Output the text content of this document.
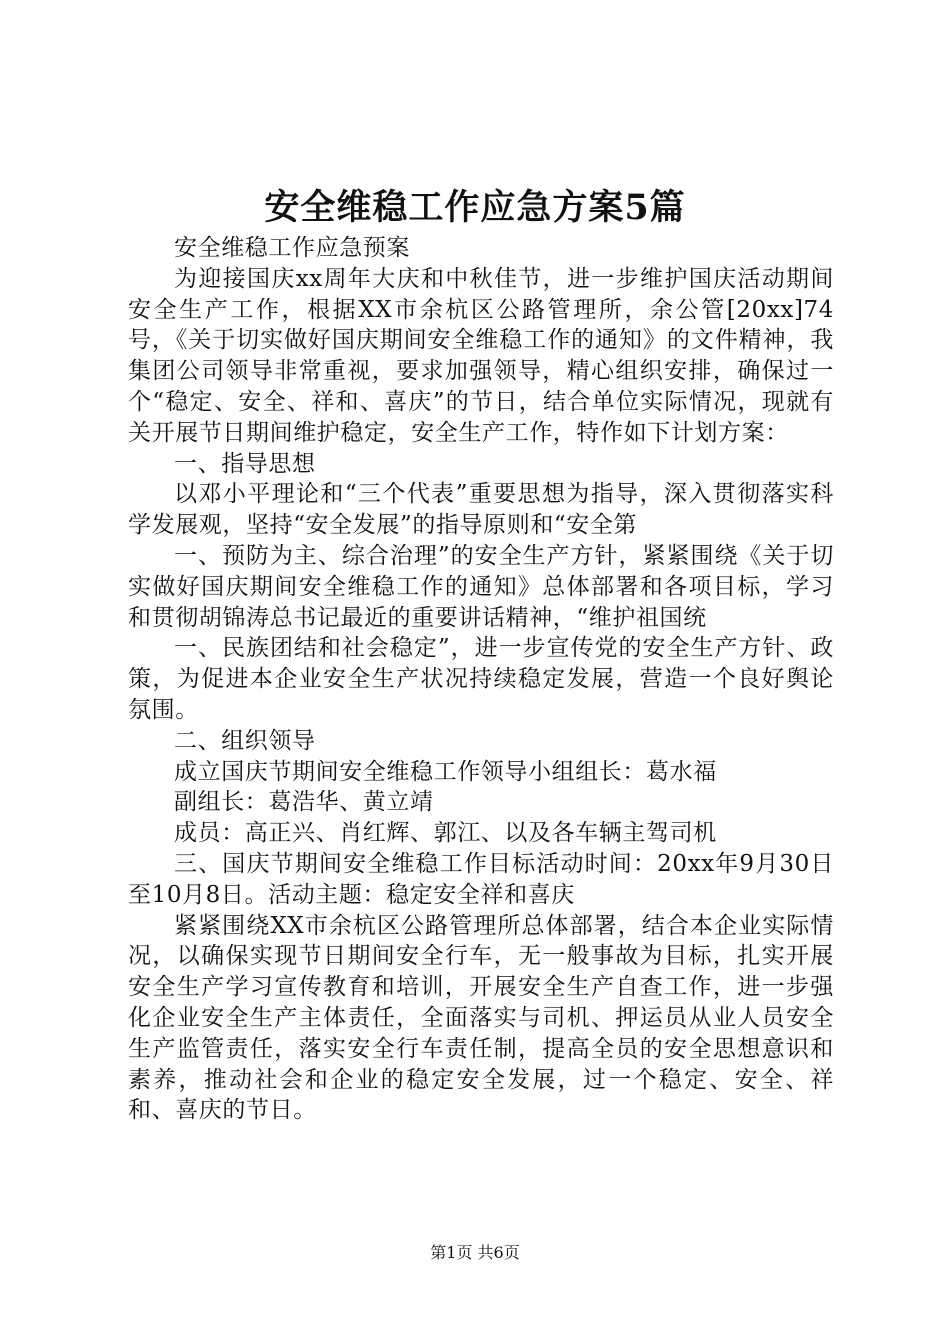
安全维稳工作应急方案5篇

安全维稳工作应急预案

为迎接国庆xx周年大庆和中秋佳节，进一步维护国庆活动期间安全生产工作，根据XX市余杭区公路管理所，余公管[20xx]74号，《关于切实做好国庆期间安全维稳工作的通知》的文件精神，我集团公司领导非常重视，要求加强领导，精心组织安排，确保过一个“稳定、安全、祥和、喜庆”的节日，结合单位实际情况，现就有关开展节日期间维护稳定，安全生产工作，特作如下计划方案：

一、指导思想

以邓小平理论和“三个代表”重要思想为指导，深入贯彻落实科学发展观，坚持“安全发展”的指导原则和“安全第

一、预防为主、综合治理”的安全生产方针，紧紧围绕《关于切实做好国庆期间安全维稳工作的通知》总体部署和各项目标，学习和贯彻胡锦涛总书记最近的重要讲话精神，“维护祖国统

一、民族团结和社会稳定”，进一步宣传党的安全生产方针、政策，为促进本企业安全生产状况持续稳定发展，营造一个良好舆论氛围。

二、组织领导

成立国庆节期间安全维稳工作领导小组组长：葛水福

副组长：葛浩华、黄立靖

成员：高正兴、肖红辉、郭江、以及各车辆主驾司机

三、国庆节期间安全维稳工作目标活动时间：20xx年9月30日至10月8日。活动主题：稳定安全祥和喜庆

紧紧围绕XX市余杭区公路管理所总体部署，结合本企业实际情况，以确保实现节日期间安全行车，无一般事故为目标，扎实开展安全生产学习宣传教育和培训，开展安全生产自查工作，进一步强化企业安全生产主体责任，全面落实与司机、押运员从业人员安全生产监管责任，落实安全行车责任制，提高全员的安全思想意识和素养，推动社会和企业的稳定安全发展，过一个稳定、安全、祥和、喜庆的节日。

第1页 共6页
